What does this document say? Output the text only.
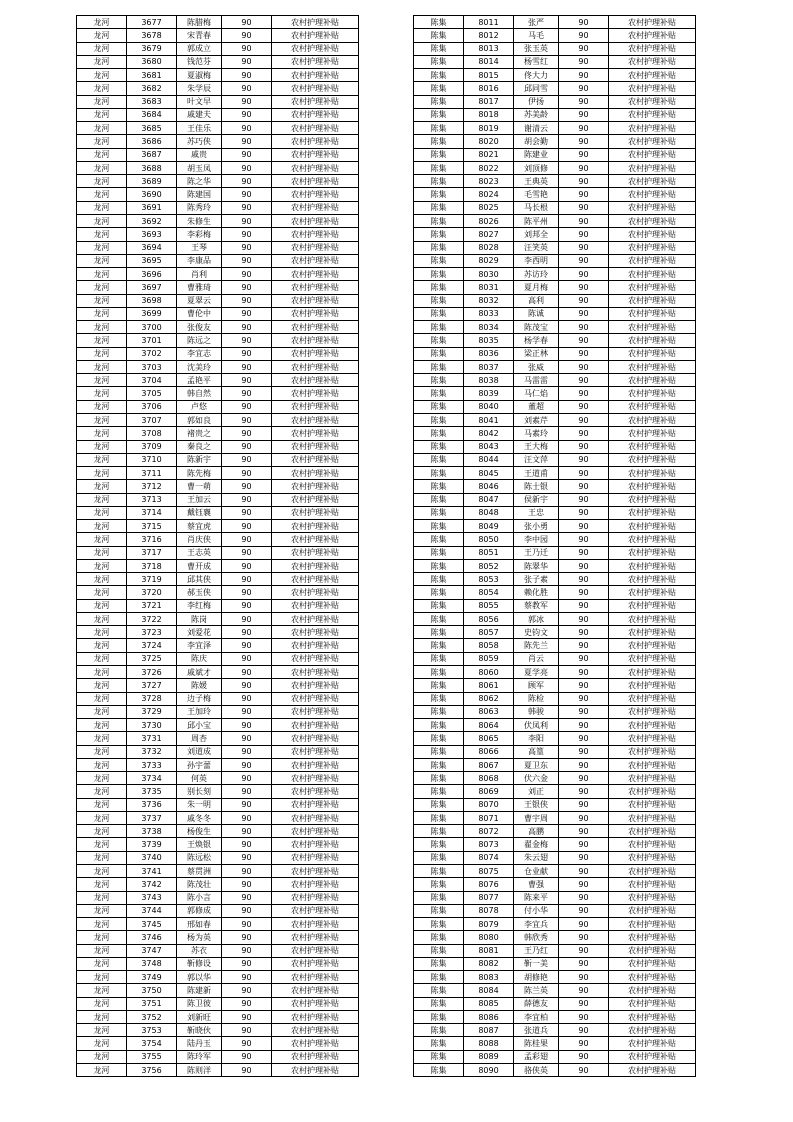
龙河	3677	陈腊梅	90	农村护理补贴
龙河	3678	宋青春	90	农村护理补贴
龙河	3679	郭成立	90	农村护理补贴
龙河	3680	钱范芬	90	农村护理补贴
龙河	3681	夏淑梅	90	农村护理补贴
龙河	3682	朱学辰	90	农村护理补贴
龙河	3683	叶文早	90	农村护理补贴
龙河	3684	戚建夫	90	农村护理补贴
龙河	3685	王佳乐	90	农村护理补贴
龙河	3686	苏巧侠	90	农村护理补贴
龙河	3687	戚贵	90	农村护理补贴
龙河	3688	胡玉凤	90	农村护理补贴
龙河	3689	陈之华	90	农村护理补贴
龙河	3690	陈建国	90	农村护理补贴
龙河	3691	陈秀玲	90	农村护理补贴
龙河	3692	朱修生	90	农村护理补贴
龙河	3693	李彩梅	90	农村护理补贴
龙河	3694	王琴	90	农村护理补贴
龙河	3695	李康品	90	农村护理补贴
龙河	3696	肖利	90	农村护理补贴
龙河	3697	曹雅琦	90	农村护理补贴
龙河	3698	夏翠云	90	农村护理补贴
龙河	3699	曹伦中	90	农村护理补贴
龙河	3700	张俊友	90	农村护理补贴
龙河	3701	陈远之	90	农村护理补贴
龙河	3702	李宜志	90	农村护理补贴
龙河	3703	沈美玲	90	农村护理补贴
龙河	3704	孟艳平	90	农村护理补贴
龙河	3705	韩自然	90	农村护理补贴
龙河	3706	卢悠	90	农村护理补贴
龙河	3707	郭如良	90	农村护理补贴
龙河	3708	褚贵之	90	农村护理补贴
龙河	3709	秦良之	90	农村护理补贴
龙河	3710	陈新宇	90	农村护理补贴
龙河	3711	陈先梅	90	农村护理补贴
龙河	3712	曹一萌	90	农村护理补贴
龙河	3713	王加云	90	农村护理补贴
龙河	3714	戴钰襄	90	农村护理补贴
龙河	3715	蔡宜虎	90	农村护理补贴
龙河	3716	肖庆侠	90	农村护理补贴
龙河	3717	王志英	90	农村护理补贴
龙河	3718	曹开成	90	农村护理补贴
龙河	3719	邱其侠	90	农村护理补贴
龙河	3720	郝玉侠	90	农村护理补贴
龙河	3721	李红梅	90	农村护理补贴
龙河	3722	陈岗	90	农村护理补贴
龙河	3723	刘爱花	90	农村护理补贴
龙河	3724	李宜泽	90	农村护理补贴
龙河	3725	陈庆	90	农村护理补贴
龙河	3726	戚斌才	90	农村护理补贴
龙河	3727	陈媛	90	农村护理补贴
龙河	3728	边子梅	90	农村护理补贴
龙河	3729	王加玲	90	农村护理补贴
龙河	3730	邱小宝	90	农村护理补贴
龙河	3731	周杏	90	农村护理补贴
龙河	3732	刘道成	90	农村护理补贴
龙河	3733	孙宇蕾	90	农村护理补贴
龙河	3734	何英	90	农村护理补贴
龙河	3735	别长刻	90	农村护理补贴
龙河	3736	朱一明	90	农村护理补贴
龙河	3737	戚冬冬	90	农村护理补贴
龙河	3738	杨俊生	90	农村护理补贴
龙河	3739	王焕银	90	农村护理补贴
龙河	3740	陈远松	90	农村护理补贴
龙河	3741	蔡贯洲	90	农村护理补贴
龙河	3742	陈茂壮	90	农村护理补贴
龙河	3743	陈小言	90	农村护理补贴
龙河	3744	郭修成	90	农村护理补贴
龙河	3745	邢如春	90	农村护理补贴
龙河	3746	杨为英	90	农村护理补贴
龙河	3747	苏衣	90	农村护理补贴
龙河	3748	靳修设	90	农村护理补贴
龙河	3749	郭以华	90	农村护理补贴
龙河	3750	陈建新	90	农村护理补贴
龙河	3751	陈卫彼	90	农村护理补贴
龙河	3752	刘新旺	90	农村护理补贴
龙河	3753	靳晓伙	90	农村护理补贴
龙河	3754	陆丹玉	90	农村护理补贴
龙河	3755	陈玲军	90	农村护理补贴
龙河	3756	陈则洋	90	农村护理补贴
陈集	8011	张严	90	农村护理补贴
陈集	8012	马毛	90	农村护理补贴
陈集	8013	张玉英	90	农村护理补贴
陈集	8014	杨雪红	90	农村护理补贴
陈集	8015	佟大力	90	农村护理补贴
陈集	8016	邱同雪	90	农村护理补贴
陈集	8017	伊扬	90	农村护理补贴
陈集	8018	苏美龄	90	农村护理补贴
陈集	8019	谢清云	90	农村护理补贴
陈集	8020	胡会勤	90	农村护理补贴
陈集	8021	陈建业	90	农村护理补贴
陈集	8022	刘顶修	90	农村护理补贴
陈集	8023	王典英	90	农村护理补贴
陈集	8024	毛雪艳	90	农村护理补贴
陈集	8025	马长根	90	农村护理补贴
陈集	8026	陈平州	90	农村护理补贴
陈集	8027	刘邦全	90	农村护理补贴
陈集	8028	汪笑英	90	农村护理补贴
陈集	8029	李西明	90	农村护理补贴
陈集	8030	苏访玲	90	农村护理补贴
陈集	8031	夏月梅	90	农村护理补贴
陈集	8032	高利	90	农村护理补贴
陈集	8033	陈诚	90	农村护理补贴
陈集	8034	陈茂宝	90	农村护理补贴
陈集	8035	杨学春	90	农村护理补贴
陈集	8036	梁正林	90	农村护理补贴
陈集	8037	张威	90	农村护理补贴
陈集	8038	马雷雷	90	农村护理补贴
陈集	8039	马仁焰	90	农村护理补贴
陈集	8040	董超	90	农村护理补贴
陈集	8041	刘素芹	90	农村护理补贴
陈集	8042	马素玲	90	农村护理补贴
陈集	8043	王大梅	90	农村护理补贴
陈集	8044	汪文萍	90	农村护理补贴
陈集	8045	王道甫	90	农村护理补贴
陈集	8046	陈士银	90	农村护理补贴
陈集	8047	侯新宇	90	农村护理补贴
陈集	8048	王忠	90	农村护理补贴
陈集	8049	张小勇	90	农村护理补贴
陈集	8050	李中园	90	农村护理补贴
陈集	8051	王乃迁	90	农村护理补贴
陈集	8052	陈翠华	90	农村护理补贴
陈集	8053	张子素	90	农村护理补贴
陈集	8054	赖化胜	90	农村护理补贴
陈集	8055	蔡教军	90	农村护理补贴
陈集	8056	郭冰	90	农村护理补贴
陈集	8057	史钧文	90	农村护理补贴
陈集	8058	陈先兰	90	农村护理补贴
陈集	8059	肖云	90	农村护理补贴
陈集	8060	夏学亮	90	农村护理补贴
陈集	8061	顾军	90	农村护理补贴
陈集	8062	陈检	90	农村护理补贴
陈集	8063	韩骏	90	农村护理补贴
陈集	8064	伏凤利	90	农村护理补贴
陈集	8065	李阳	90	农村护理补贴
陈集	8066	高篁	90	农村护理补贴
陈集	8067	夏卫东	90	农村护理补贴
陈集	8068	伏六金	90	农村护理补贴
陈集	8069	刘正	90	农村护理补贴
陈集	8070	王银侠	90	农村护理补贴
陈集	8071	曹宇周	90	农村护理补贴
陈集	8072	高鹏	90	农村护理补贴
陈集	8073	翟金梅	90	农村护理补贴
陈集	8074	朱云翅	90	农村护理补贴
陈集	8075	仓业献	90	农村护理补贴
陈集	8076	曹强	90	农村护理补贴
陈集	8077	陈来平	90	农村护理补贴
陈集	8078	付小华	90	农村护理补贴
陈集	8079	李宜兵	90	农村护理补贴
陈集	8080	韩欣秀	90	农村护理补贴
陈集	8081	王乃红	90	农村护理补贴
陈集	8082	靳一美	90	农村护理补贴
陈集	8083	胡修艳	90	农村护理补贴
陈集	8084	陈兰英	90	农村护理补贴
陈集	8085	薛德友	90	农村护理补贴
陈集	8086	李宜柏	90	农村护理补贴
陈集	8087	张道兵	90	农村护理补贴
陈集	8088	陈桂果	90	农村护理补贴
陈集	8089	孟彩翅	90	农村护理补贴
陈集	8090	骆侠英	90	农村护理补贴
